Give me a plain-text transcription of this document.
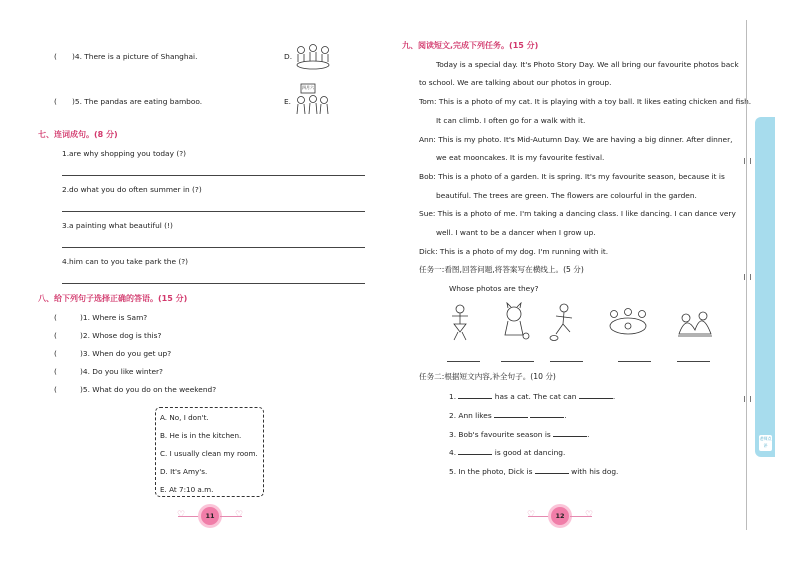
( )4. There is a picture of Shanghai.	D.
( )5. The pandas are eating bamboo.	E.
四月六
七、连词成句。(8 分)
1.are why shopping you today (?)
2.do what you do often summer in (?)
3.a painting what beautiful (!)
4.him can to you take park the (?)
八、给下列句子选择正确的答语。(15 分)
(	)1. Where is Sam?
(	)2. Whose dog is this?
(	)3. When do you get up?
(	)4. Do you like winter?
(	)5. What do you do on the weekend?
A. No, I don't.
B. He is in the kitchen.
C. I usually clean my room.
D. It's Amy's.
E. At 7:10 a.m.
♡	11	♡
九、阅读短文,完成下列任务。(15 分)
Today is a special day. It's Photo Story Day. We all bring our favourite photos back
to school. We are talking about our photos in group.
Tom: This is a photo of my cat. It is playing with a toy ball. It likes eating chicken and fish.
It can climb. I often go for a walk with it.
Ann: This is my photo. It's Mid-Autumn Day. We are having a big dinner. After dinner,
we eat mooncakes. It is my favourite festival.
Bob: This is a photo of a garden. It is spring. It's my favourite season, because it is
beautiful. The trees are green. The flowers are colourful in the garden.
Sue: This is a photo of me. I'm taking a dancing class. I like dancing. I can dance very
well. I want to be a dancer when I grow up.
Dick: This is a photo of my dog. I'm running with it.
任务一:看图,回答问题,将答案写在横线上。(5 分)
Whose photos are they?
任务二:根据短文内容,补全句子。(10 分)
1.	has a cat. The cat can	.
2. Ann likes	.
3. Bob's favourite season is	.
4.	is good at dancing.
5. In the photo, Dick is	with his dog.
♡	12	♡
老师点评
